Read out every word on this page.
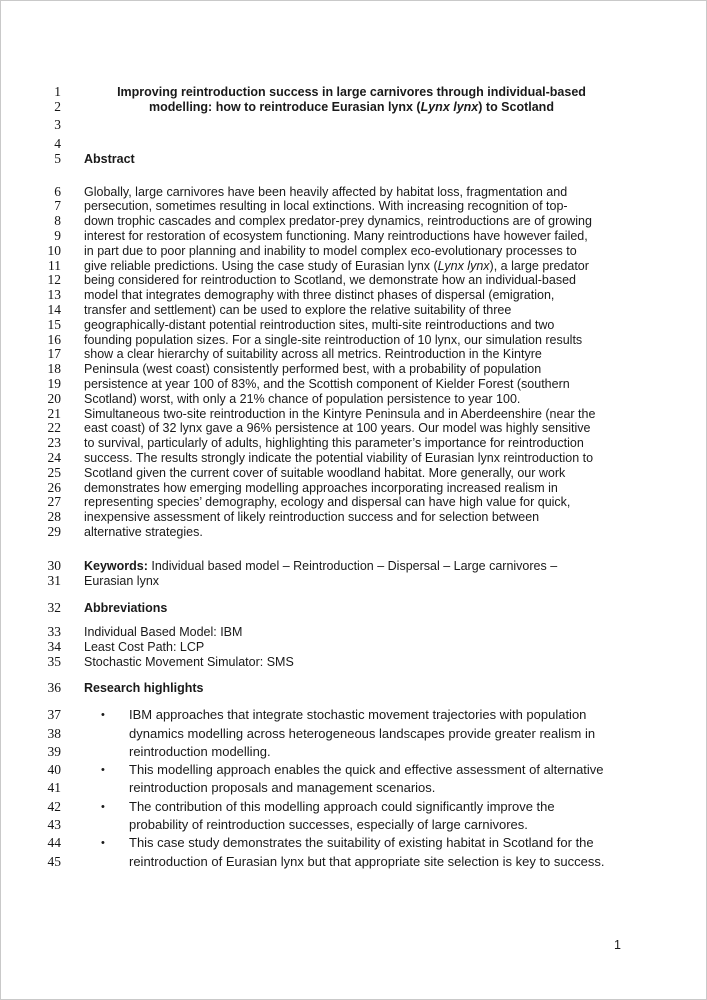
1	Improving reintroduction success in large carnivores through individual-based
2	modelling: how to reintroduce Eurasian lynx (Lynx lynx) to Scotland
3
4
5 Abstract
6 Globally, large carnivores have been heavily affected by habitat loss, fragmentation and
7 persecution, sometimes resulting in local extinctions. With increasing recognition of top-
8 down trophic cascades and complex predator-prey dynamics, reintroductions are of growing
9 interest for restoration of ecosystem functioning. Many reintroductions have however failed,
10 in part due to poor planning and inability to model complex eco-evolutionary processes to
11 give reliable predictions. Using the case study of Eurasian lynx (Lynx lynx), a large predator
12 being considered for reintroduction to Scotland, we demonstrate how an individual-based
13 model that integrates demography with three distinct phases of dispersal (emigration,
14 transfer and settlement) can be used to explore the relative suitability of three
15 geographically-distant potential reintroduction sites, multi-site reintroductions and two
16 founding population sizes. For a single-site reintroduction of 10 lynx, our simulation results
17 show a clear hierarchy of suitability across all metrics. Reintroduction in the Kintyre
18 Peninsula (west coast) consistently performed best, with a probability of population
19 persistence at year 100 of 83%, and the Scottish component of Kielder Forest (southern
20 Scotland) worst, with only a 21% chance of population persistence to year 100.
21 Simultaneous two-site reintroduction in the Kintyre Peninsula and in Aberdeenshire (near the
22 east coast) of 32 lynx gave a 96% persistence at 100 years. Our model was highly sensitive
23 to survival, particularly of adults, highlighting this parameter’s importance for reintroduction
24 success. The results strongly indicate the potential viability of Eurasian lynx reintroduction to
25 Scotland given the current cover of suitable woodland habitat. More generally, our work
26 demonstrates how emerging modelling approaches incorporating increased realism in
27 representing species’ demography, ecology and dispersal can have high value for quick,
28 inexpensive assessment of likely reintroduction success and for selection between
29 alternative strategies.
30 Keywords: Individual based model – Reintroduction – Dispersal – Large carnivores –
31 Eurasian lynx
32 Abbreviations
33 Individual Based Model: IBM
34 Least Cost Path: LCP
35 Stochastic Movement Simulator: SMS
36 Research highlights
37	• IBM approaches that integrate stochastic movement trajectories with population
38	dynamics modelling across heterogeneous landscapes provide greater realism in
39	reintroduction modelling.
40	• This modelling approach enables the quick and effective assessment of alternative
41	reintroduction proposals and management scenarios.
42	• The contribution of this modelling approach could significantly improve the
43	probability of reintroduction successes, especially of large carnivores.
44	• This case study demonstrates the suitability of existing habitat in Scotland for the
45	reintroduction of Eurasian lynx but that appropriate site selection is key to success.
1
